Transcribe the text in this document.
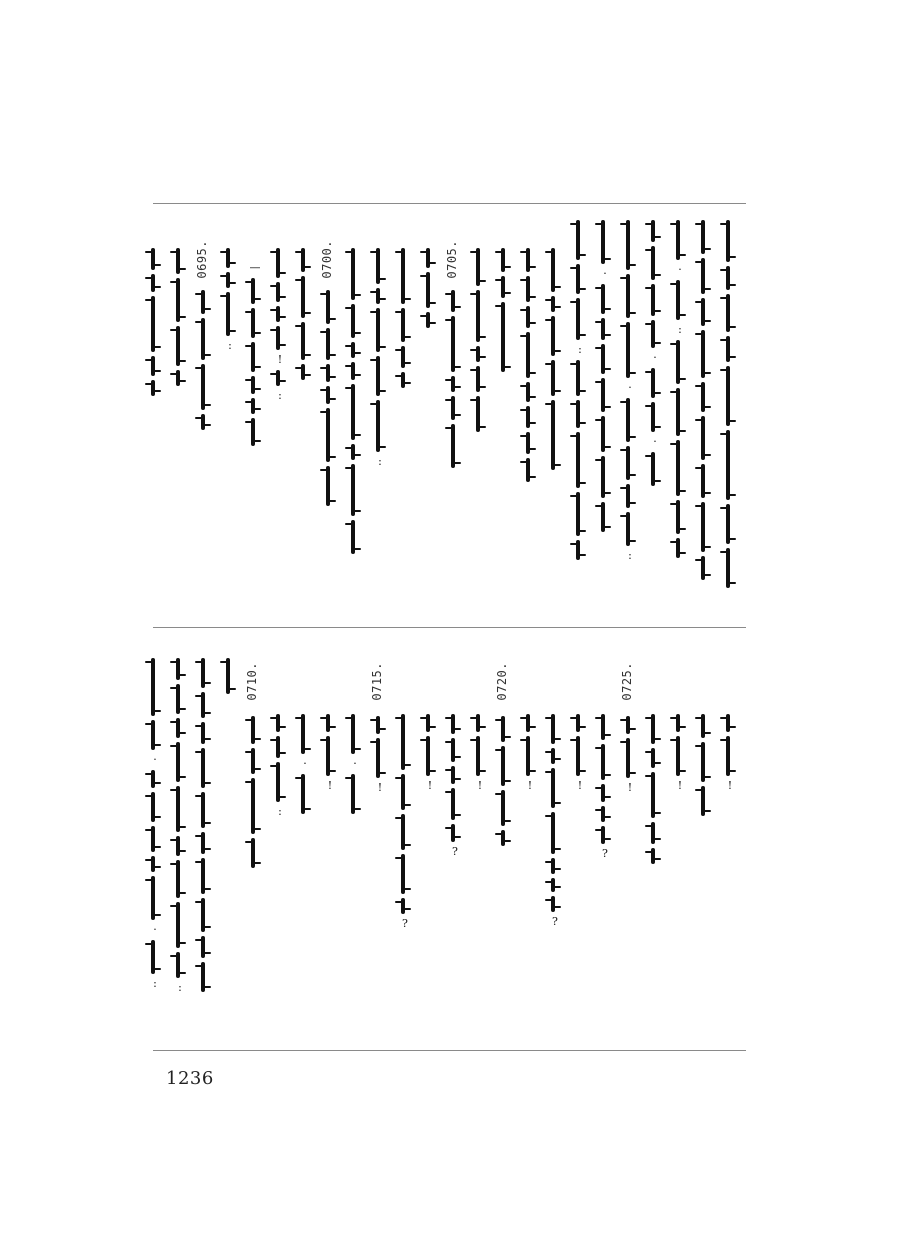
·
:
·
·
·
:
·
:
0705.
:
0700.
!
:
—
:
0695.
!
!
0725.
!
?
!
?
!
0720.
!
?
!
?
0715.
!
·
!
·
:
0710.
:
·
·
:
1236
